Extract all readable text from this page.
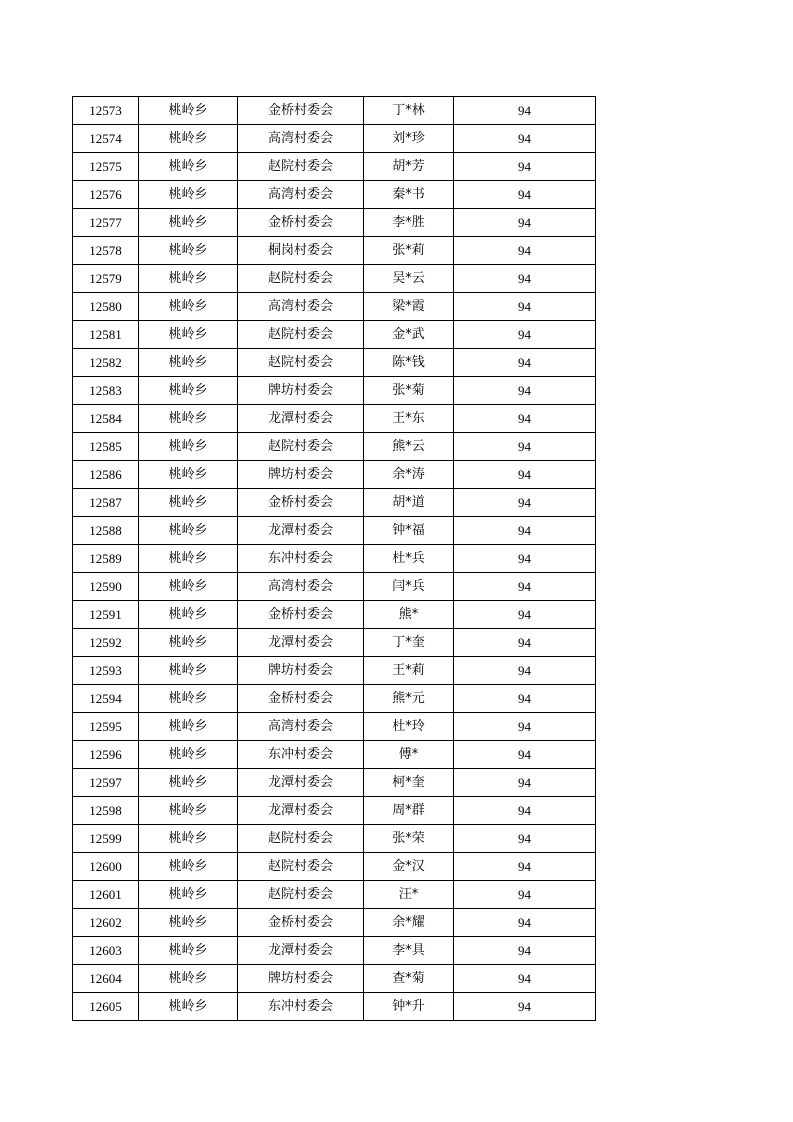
12573	桃岭乡	金桥村委会	丁*林	94
12574	桃岭乡	高湾村委会	刘*珍	94
12575	桃岭乡	赵院村委会	胡*芳	94
12576	桃岭乡	高湾村委会	秦*书	94
12577	桃岭乡	金桥村委会	李*胜	94
12578	桃岭乡	桐岗村委会	张*莉	94
12579	桃岭乡	赵院村委会	吴*云	94
12580	桃岭乡	高湾村委会	梁*霞	94
12581	桃岭乡	赵院村委会	金*武	94
12582	桃岭乡	赵院村委会	陈*钱	94
12583	桃岭乡	牌坊村委会	张*菊	94
12584	桃岭乡	龙潭村委会	王*东	94
12585	桃岭乡	赵院村委会	熊*云	94
12586	桃岭乡	牌坊村委会	余*涛	94
12587	桃岭乡	金桥村委会	胡*道	94
12588	桃岭乡	龙潭村委会	钟*福	94
12589	桃岭乡	东冲村委会	杜*兵	94
12590	桃岭乡	高湾村委会	闫*兵	94
12591	桃岭乡	金桥村委会	熊*	94
12592	桃岭乡	龙潭村委会	丁*奎	94
12593	桃岭乡	牌坊村委会	王*莉	94
12594	桃岭乡	金桥村委会	熊*元	94
12595	桃岭乡	高湾村委会	杜*玲	94
12596	桃岭乡	东冲村委会	傅*	94
12597	桃岭乡	龙潭村委会	柯*奎	94
12598	桃岭乡	龙潭村委会	周*群	94
12599	桃岭乡	赵院村委会	张*荣	94
12600	桃岭乡	赵院村委会	金*汉	94
12601	桃岭乡	赵院村委会	汪*	94
12602	桃岭乡	金桥村委会	余*耀	94
12603	桃岭乡	龙潭村委会	李*具	94
12604	桃岭乡	牌坊村委会	查*菊	94
12605	桃岭乡	东冲村委会	钟*升	94
